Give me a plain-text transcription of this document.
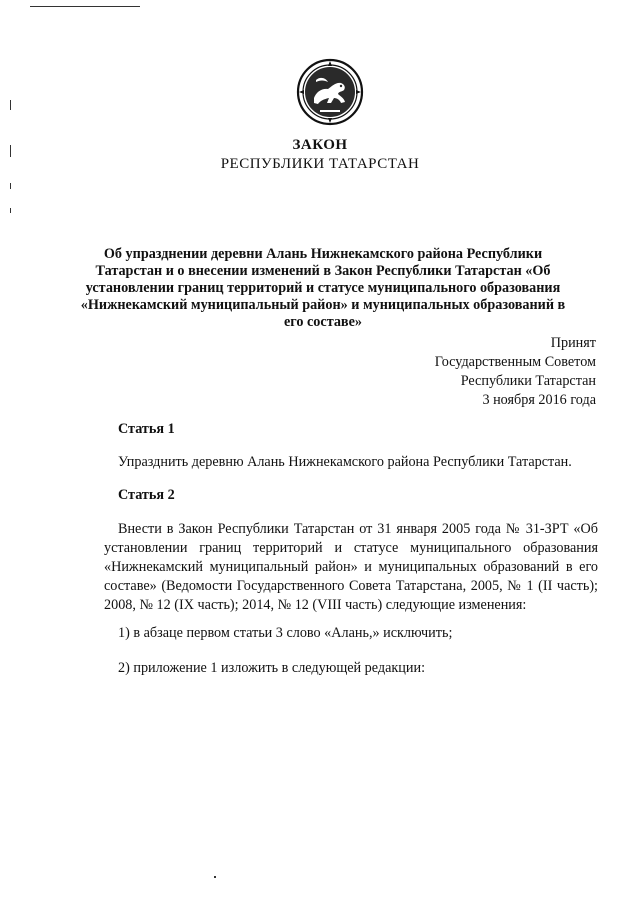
ЗАКОН
РЕСПУБЛИКИ ТАТАРСТАН
Об упразднении деревни Алань Нижнекамского района Республики Татарстан и о внесении изменений в Закон Республики Татарстан «Об установлении границ территорий и статусе муниципального образования «Нижнекамский муниципальный район» и муниципальных образований в его составе»
Принят
Государственным Советом
Республики Татарстан
3 ноября 2016 года
Статья 1
Упразднить деревню Алань Нижнекамского района Республики Татарстан.
Статья 2
Внести в Закон Республики Татарстан от 31 января 2005 года № 31-ЗРТ «Об установлении границ территорий и статусе муниципального образования «Нижнекамский муниципальный район» и муниципальных образований в его составе» (Ведомости Государственного Совета Татарстана, 2005, № 1 (II часть); 2008, № 12 (IX часть); 2014, № 12 (VIII часть) следующие изменения:
1) в абзаце первом статьи 3 слово «Алань,» исключить;
2) приложение 1 изложить в следующей редакции:
